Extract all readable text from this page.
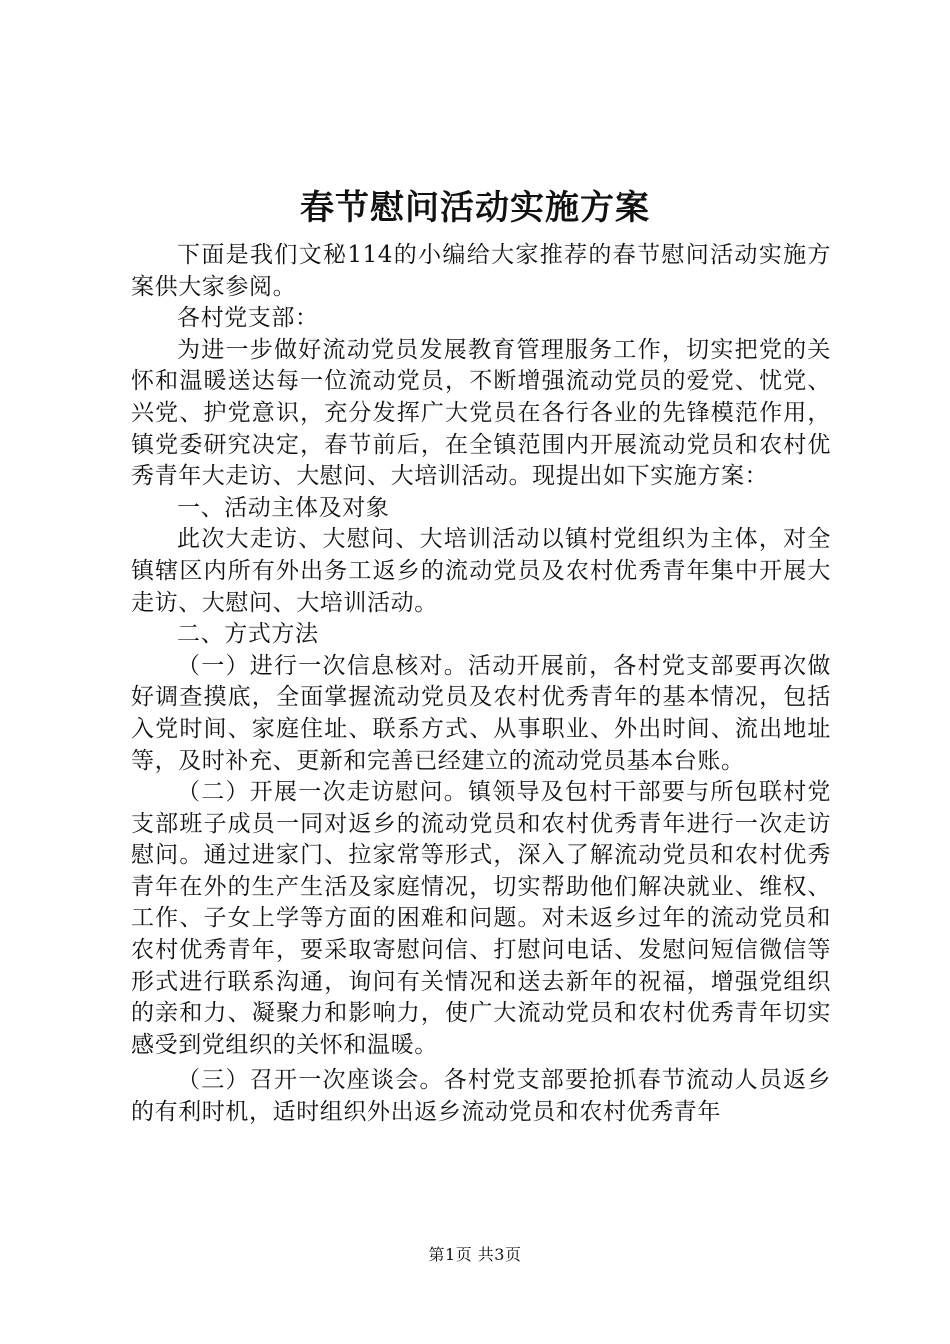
春节慰问活动实施方案

下面是我们文秘114的小编给大家推荐的春节慰问活动实施方案供大家参阅。

各村党支部：

为进一步做好流动党员发展教育管理服务工作，切实把党的关怀和温暖送达每一位流动党员，不断增强流动党员的爱党、忧党、兴党、护党意识，充分发挥广大党员在各行各业的先锋模范作用，镇党委研究决定，春节前后，在全镇范围内开展流动党员和农村优秀青年大走访、大慰问、大培训活动。现提出如下实施方案：

一、活动主体及对象

此次大走访、大慰问、大培训活动以镇村党组织为主体，对全镇辖区内所有外出务工返乡的流动党员及农村优秀青年集中开展大走访、大慰问、大培训活动。

二、方式方法

（一）进行一次信息核对。活动开展前，各村党支部要再次做好调查摸底，全面掌握流动党员及农村优秀青年的基本情况，包括入党时间、家庭住址、联系方式、从事职业、外出时间、流出地址等，及时补充、更新和完善已经建立的流动党员基本台账。

（二）开展一次走访慰问。镇领导及包村干部要与所包联村党支部班子成员一同对返乡的流动党员和农村优秀青年进行一次走访慰问。通过进家门、拉家常等形式，深入了解流动党员和农村优秀青年在外的生产生活及家庭情况，切实帮助他们解决就业、维权、工作、子女上学等方面的困难和问题。对未返乡过年的流动党员和农村优秀青年，要采取寄慰问信、打慰问电话、发慰问短信微信等形式进行联系沟通，询问有关情况和送去新年的祝福，增强党组织的亲和力、凝聚力和影响力，使广大流动党员和农村优秀青年切实感受到党组织的关怀和温暖。

（三）召开一次座谈会。各村党支部要抢抓春节流动人员返乡的有利时机，适时组织外出返乡流动党员和农村优秀青年

第1页 共3页
